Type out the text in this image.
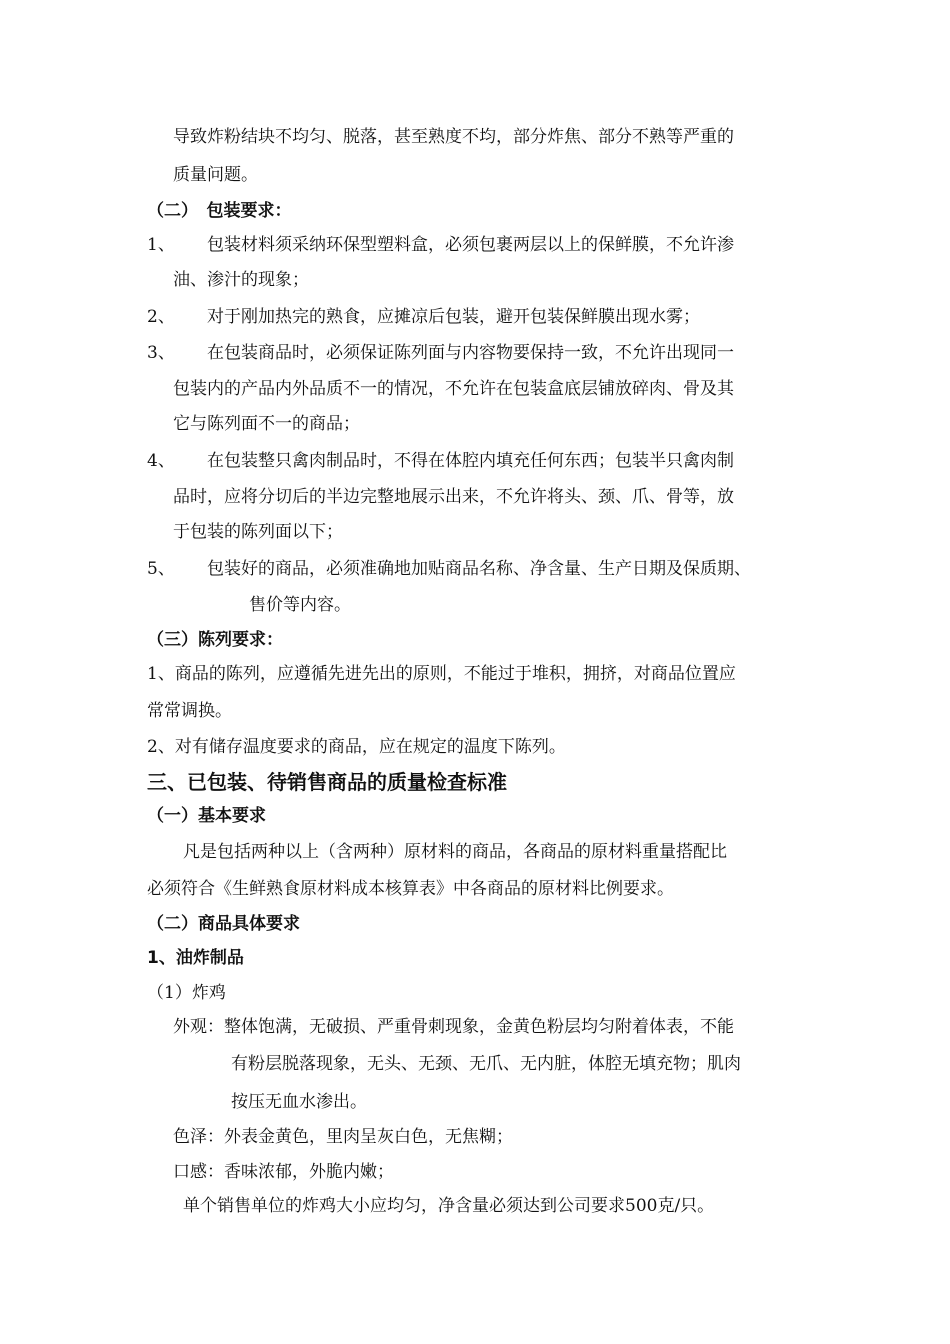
导致炸粉结块不均匀、脱落，甚至熟度不均，部分炸焦、部分不熟等严重的
质量问题。
（二）　包装要求：
1、 包装材料须采纳环保型塑料盒，必须包裹两层以上的保鲜膜，不允许渗
油、渗汁的现象；
2、 对于刚加热完的熟食，应摊凉后包装，避开包装保鲜膜出现水雾；
3、 在包装商品时，必须保证陈列面与内容物要保持一致，不允许出现同一
包装内的产品内外品质不一的情况，不允许在包装盒底层铺放碎肉、骨及其
它与陈列面不一的商品；
4、 在包装整只禽肉制品时，不得在体腔内填充任何东西；包装半只禽肉制
品时，应将分切后的半边完整地展示出来，不允许将头、颈、爪、骨等，放
于包装的陈列面以下；
5、 包装好的商品，必须准确地加贴商品名称、净含量、生产日期及保质期、
售价等内容。
（三）陈列要求：
1、商品的陈列，应遵循先进先出的原则，不能过于堆积，拥挤，对商品位置应
常常调换。
2、对有储存温度要求的商品，应在规定的温度下陈列。
三、已包装、待销售商品的质量检查标准
（一）基本要求
凡是包括两种以上（含两种）原材料的商品，各商品的原材料重量搭配比
必须符合《生鲜熟食原材料成本核算表》中各商品的原材料比例要求。
（二）商品具体要求
1、油炸制品
（1）炸鸡
外观：整体饱满，无破损、严重骨刺现象，金黄色粉层均匀附着体表，不能
有粉层脱落现象，无头、无颈、无爪、无内脏，体腔无填充物；肌肉
按压无血水渗出。
色泽：外表金黄色，里肉呈灰白色，无焦糊；
口感：香味浓郁，外脆内嫩；
单个销售单位的炸鸡大小应均匀，净含量必须达到公司要求500克/只。
